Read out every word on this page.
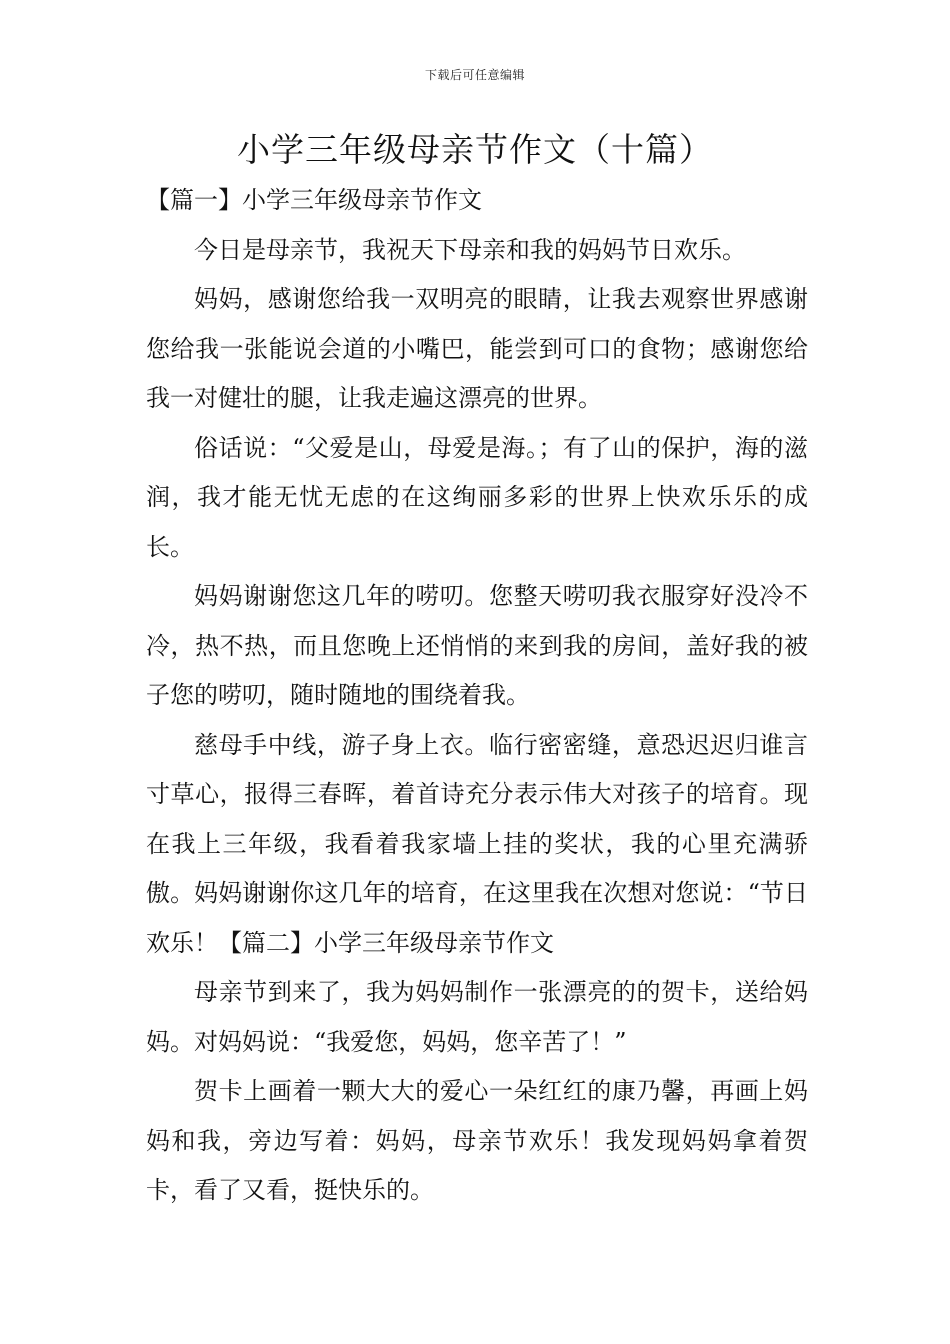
下载后可任意编辑
小学三年级母亲节作文（十篇）

【篇一】小学三年级母亲节作文

今日是母亲节，我祝天下母亲和我的妈妈节日欢乐。

妈妈，感谢您给我一双明亮的眼睛，让我去观察世界感谢您给我一张能说会道的小嘴巴，能尝到可口的食物；感谢您给我一对健壮的腿，让我走遍这漂亮的世界。

俗话说：“父爱是山，母爱是海。；有了山的保护，海的滋润，我才能无忧无虑的在这绚丽多彩的世界上快欢乐乐的成长。

妈妈谢谢您这几年的唠叨。您整天唠叨我衣服穿好没冷不冷，热不热，而且您晚上还悄悄的来到我的房间，盖好我的被子您的唠叨，随时随地的围绕着我。

慈母手中线，游子身上衣。临行密密缝，意恐迟迟归谁言寸草心，报得三春晖，着首诗充分表示伟大对孩子的培育。现在我上三年级，我看着我家墙上挂的奖状，我的心里充满骄傲。妈妈谢谢你这几年的培育，在这里我在次想对您说：“节日欢乐！【篇二】小学三年级母亲节作文

母亲节到来了，我为妈妈制作一张漂亮的的贺卡，送给妈妈。对妈妈说：“我爱您，妈妈，您辛苦了！”

贺卡上画着一颗大大的爱心一朵红红的康乃馨，再画上妈妈和我，旁边写着：妈妈，母亲节欢乐！我发现妈妈拿着贺卡，看了又看，挺快乐的。
